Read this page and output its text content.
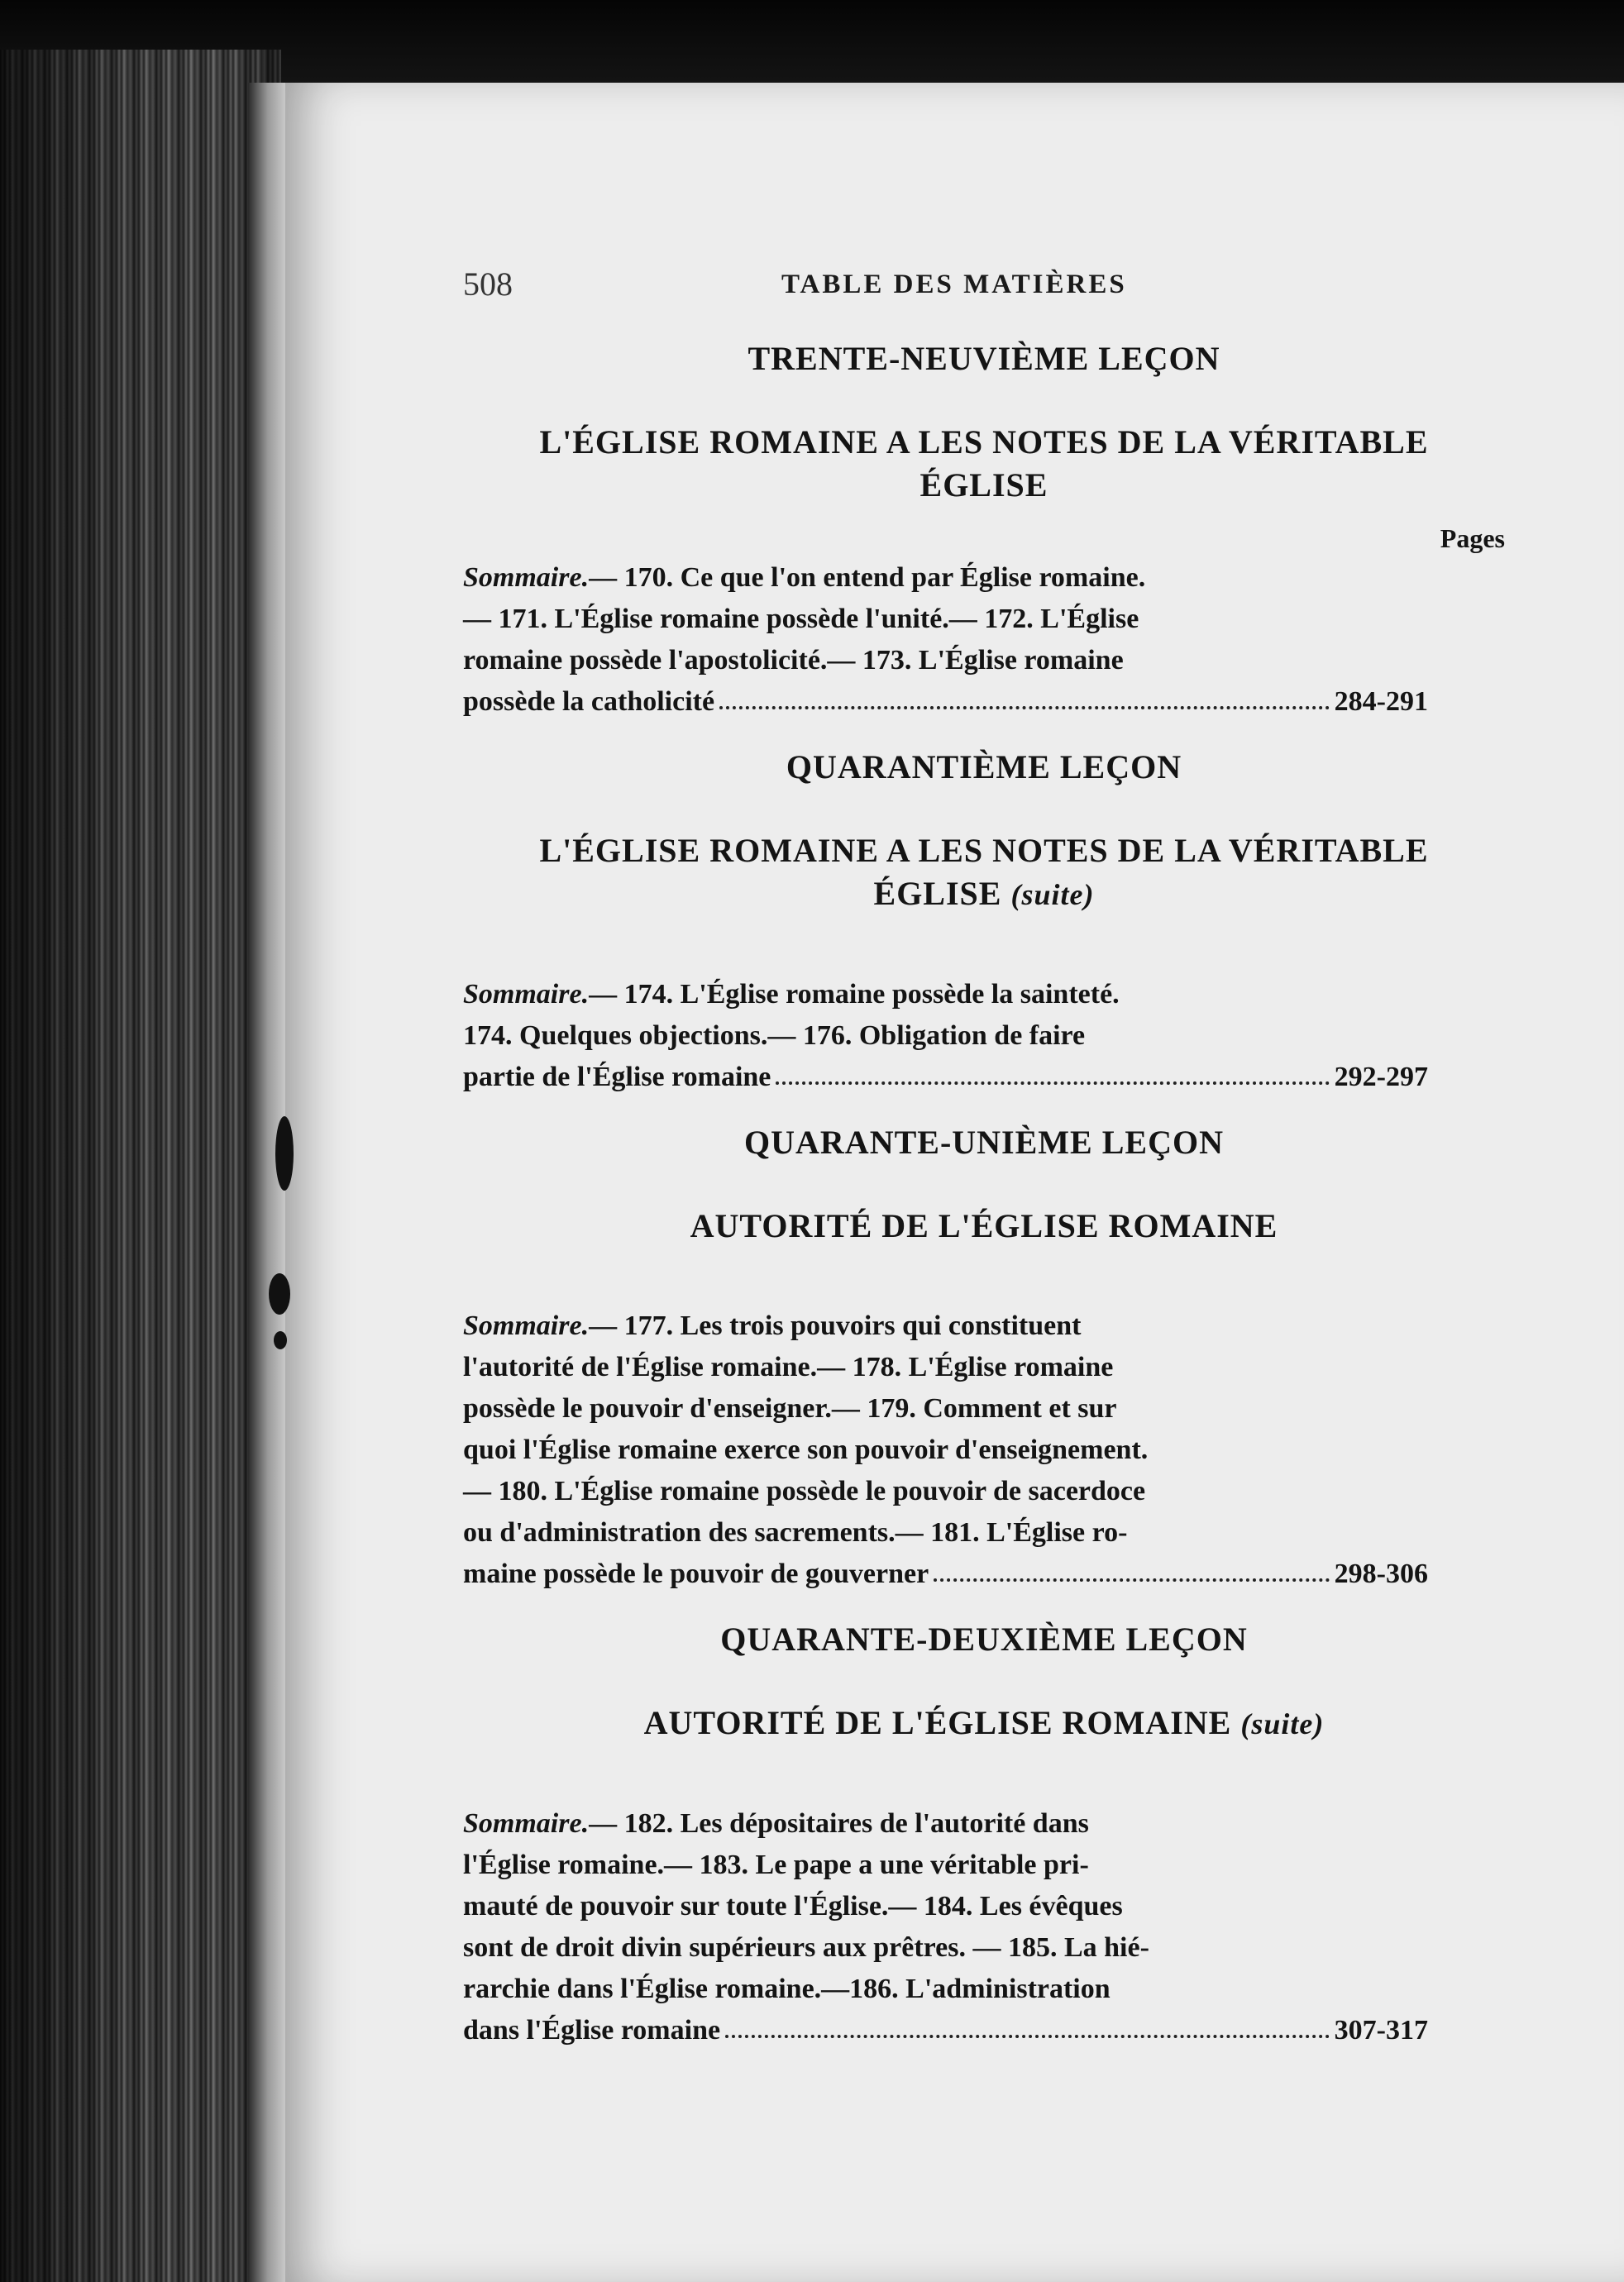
508	TABLE DES MATIÈRES
TRENTE-NEUVIÈME LEÇON
L'ÉGLISE ROMAINE A LES NOTES DE LA VÉRITABLE
ÉGLISE
Pages
Sommaire.— 170. Ce que l'on entend par Église romaine.
— 171. L'Église romaine possède l'unité.— 172. L'Église
romaine possède l'apostolicité.— 173. L'Église romaine
possède la catholicité	284-291
QUARANTIÈME LEÇON
L'ÉGLISE ROMAINE A LES NOTES DE LA VÉRITABLE
ÉGLISE (suite)
Sommaire.— 174. L'Église romaine possède la sainteté.
174. Quelques objections.— 176. Obligation de faire
partie de l'Église romaine	292-297
QUARANTE-UNIÈME LEÇON
AUTORITÉ DE L'ÉGLISE ROMAINE
Sommaire.— 177. Les trois pouvoirs qui constituent
l'autorité de l'Église romaine.— 178. L'Église romaine
possède le pouvoir d'enseigner.— 179. Comment et sur
quoi l'Église romaine exerce son pouvoir d'enseignement.
— 180. L'Église romaine possède le pouvoir de sacerdoce
ou d'administration des sacrements.— 181. L'Église ro-
maine possède le pouvoir de gouverner	298-306
QUARANTE-DEUXIÈME LEÇON
AUTORITÉ DE L'ÉGLISE ROMAINE (suite)
Sommaire.— 182. Les dépositaires de l'autorité dans
l'Église romaine.— 183. Le pape a une véritable pri-
mauté de pouvoir sur toute l'Église.— 184. Les évêques
sont de droit divin supérieurs aux prêtres. — 185. La hié-
rarchie dans l'Église romaine.—186. L'administration
dans l'Église romaine	307-317
